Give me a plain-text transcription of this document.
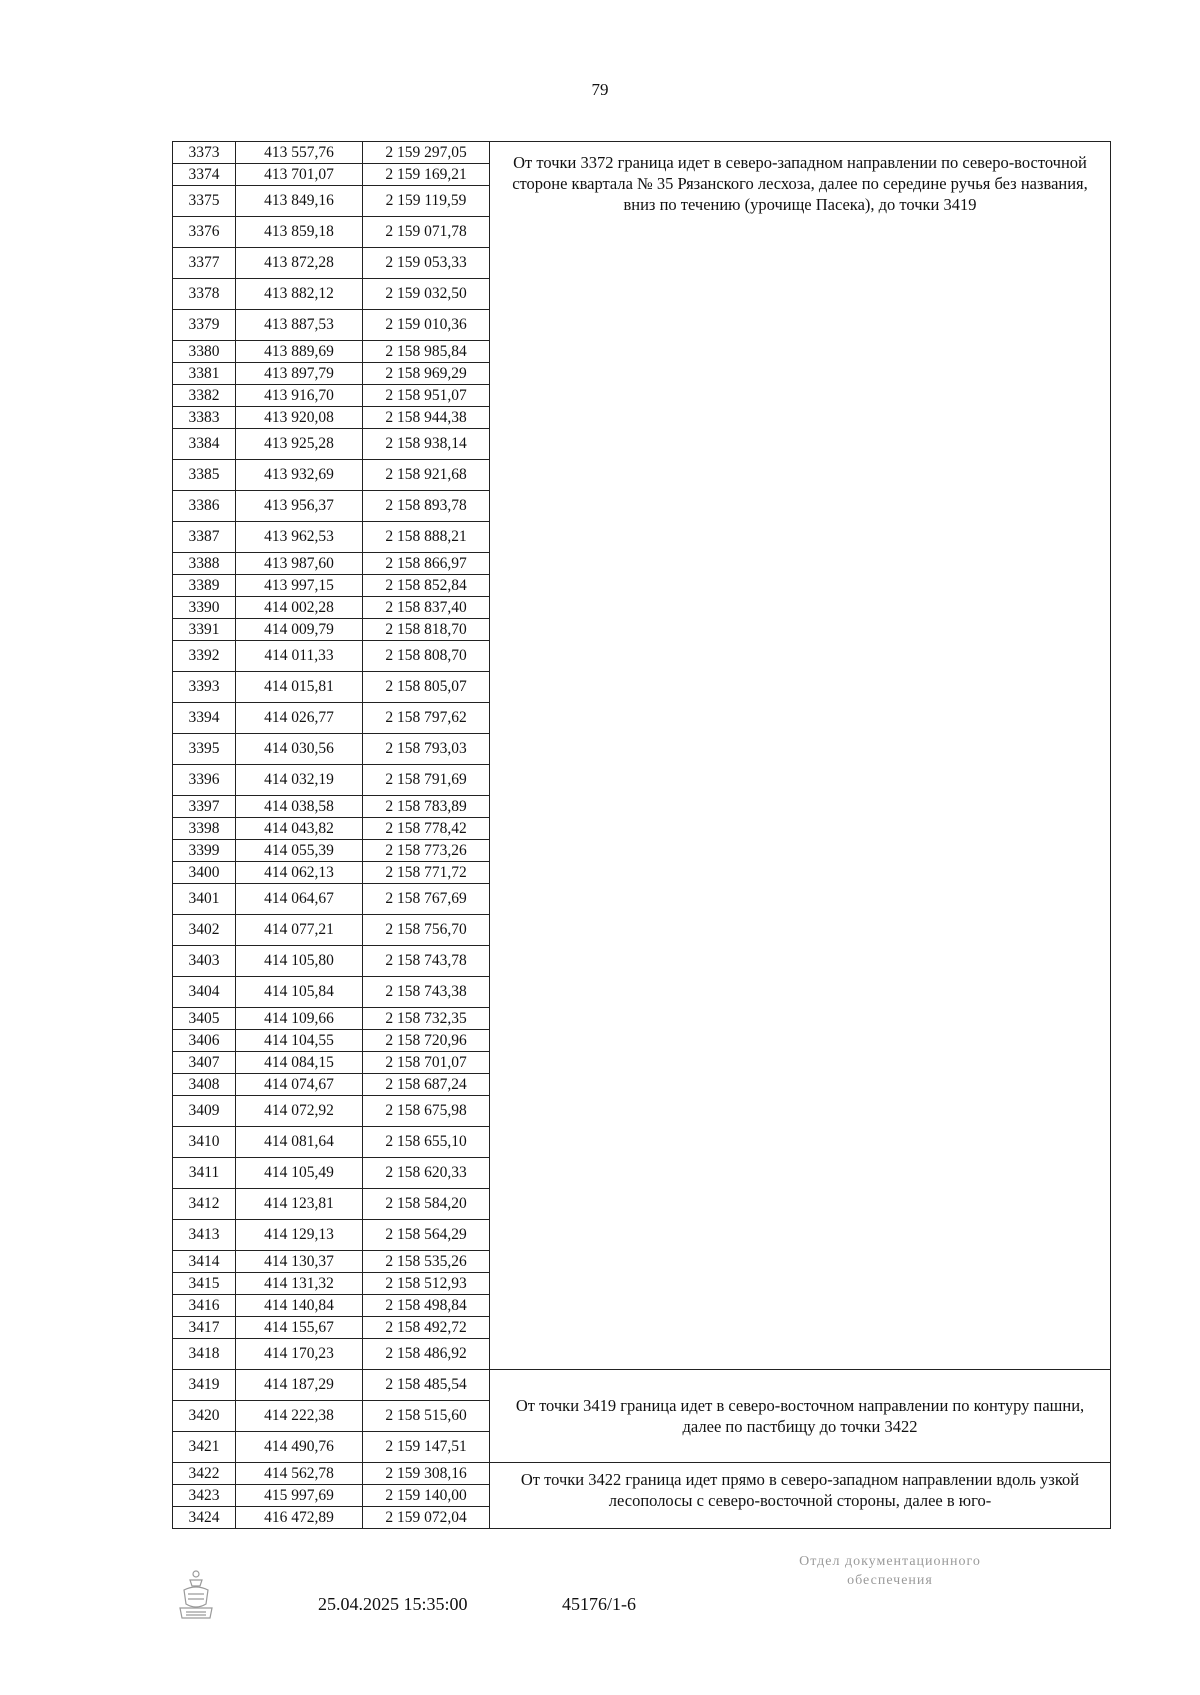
79
3373	413 557,76	2 159 297,05	От точки 3372 граница идет в северо-западном направлении по северо-восточной стороне квартала № 35 Рязанского лесхоза, далее по середине ручья без названия, вниз по течению (урочище Пасека), до точки 3419
3374	413 701,07	2 159 169,21	
3375	413 849,16	2 159 119,59	
3376	413 859,18	2 159 071,78	
3377	413 872,28	2 159 053,33	
3378	413 882,12	2 159 032,50	
3379	413 887,53	2 159 010,36	
3380	413 889,69	2 158 985,84	
3381	413 897,79	2 158 969,29	
3382	413 916,70	2 158 951,07	
3383	413 920,08	2 158 944,38	
3384	413 925,28	2 158 938,14	
3385	413 932,69	2 158 921,68	
3386	413 956,37	2 158 893,78	
3387	413 962,53	2 158 888,21	
3388	413 987,60	2 158 866,97	
3389	413 997,15	2 158 852,84	
3390	414 002,28	2 158 837,40	
3391	414 009,79	2 158 818,70	
3392	414 011,33	2 158 808,70	
3393	414 015,81	2 158 805,07	
3394	414 026,77	2 158 797,62	
3395	414 030,56	2 158 793,03	
3396	414 032,19	2 158 791,69	
3397	414 038,58	2 158 783,89	
3398	414 043,82	2 158 778,42	
3399	414 055,39	2 158 773,26	
3400	414 062,13	2 158 771,72	
3401	414 064,67	2 158 767,69	
3402	414 077,21	2 158 756,70	
3403	414 105,80	2 158 743,78	
3404	414 105,84	2 158 743,38	
3405	414 109,66	2 158 732,35	
3406	414 104,55	2 158 720,96	
3407	414 084,15	2 158 701,07	
3408	414 074,67	2 158 687,24	
3409	414 072,92	2 158 675,98	
3410	414 081,64	2 158 655,10	
3411	414 105,49	2 158 620,33	
3412	414 123,81	2 158 584,20	
3413	414 129,13	2 158 564,29	
3414	414 130,37	2 158 535,26	
3415	414 131,32	2 158 512,93	
3416	414 140,84	2 158 498,84	
3417	414 155,67	2 158 492,72	
3418	414 170,23	2 158 486,92	
3419	414 187,29	2 158 485,54	От точки 3419 граница идет в северо-восточном направлении по контуру пашни, далее по пастбищу до точки 3422
3420	414 222,38	2 158 515,60	
3421	414 490,76	2 159 147,51	
3422	414 562,78	2 159 308,16	От точки 3422 граница идет прямо в северо-западном направлении вдоль узкой лесополосы с северо-восточной стороны, далее в юго-
3423	415 997,69	2 159 140,00	
3424	416 472,89	2 159 072,04	
25.04.2025 15:35:00	45176/1-6
Отдел документационного
обеспечения
